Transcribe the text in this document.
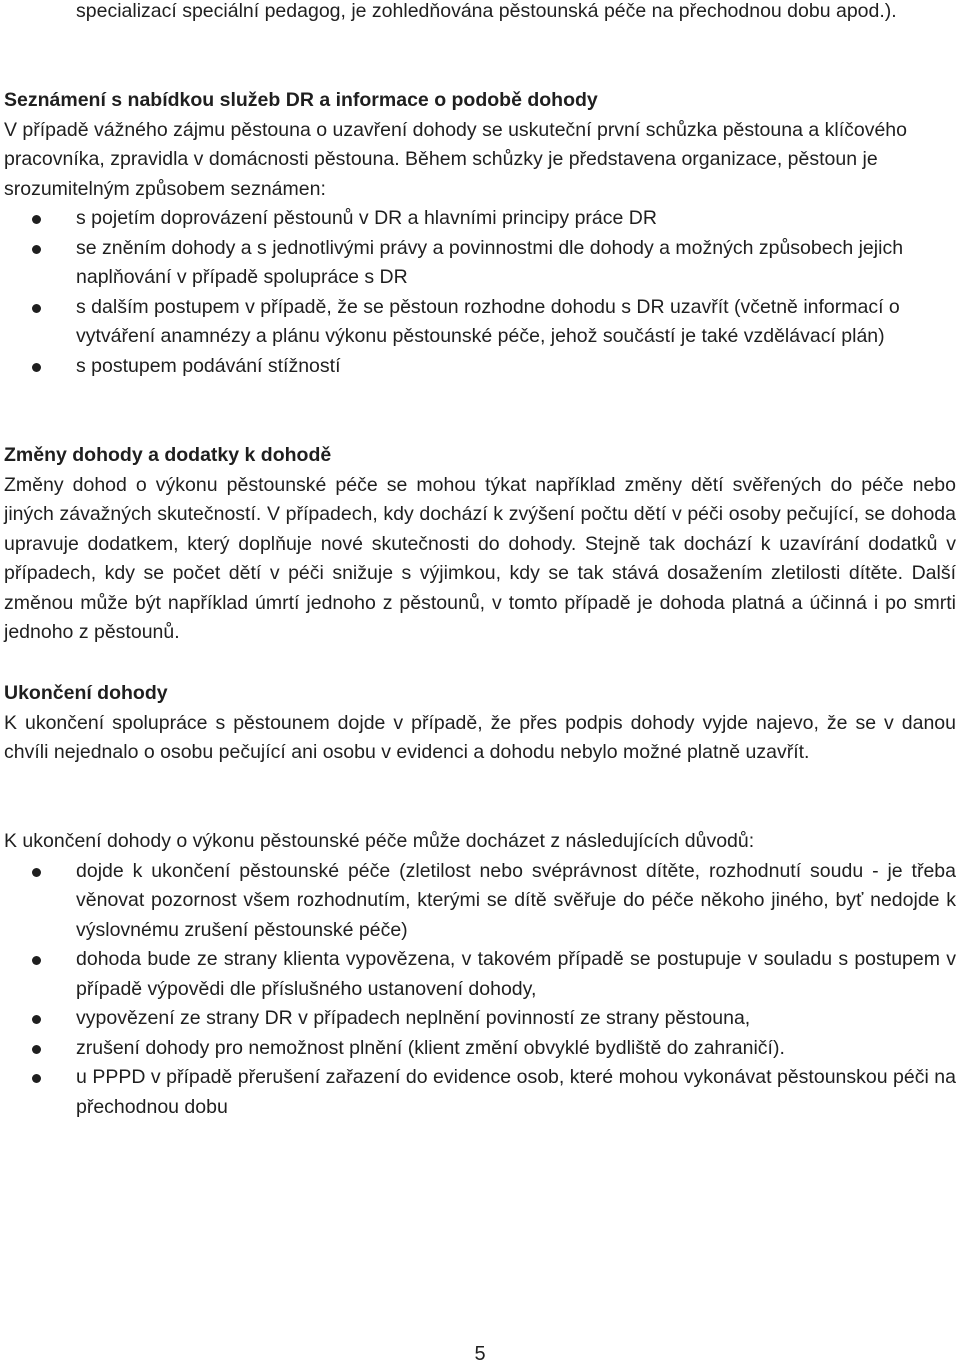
specializací speciální pedagog, je zohledňována pěstounská péče na přechodnou dobu apod.).

Seznámení s nabídkou služeb DR a informace o podobě dohody

V případě vážného zájmu pěstouna o uzavření dohody se uskuteční první schůzka pěstouna a klíčového pracovníka, zpravidla v domácnosti pěstouna. Během schůzky je představena organizace, pěstoun je srozumitelným způsobem seznámen:

s pojetím doprovázení pěstounů v DR a hlavními principy práce DR
se zněním dohody a s jednotlivými právy a povinnostmi dle dohody a možných způsobech jejich naplňování v případě spolupráce s DR
s dalším postupem v případě, že se pěstoun rozhodne dohodu s DR uzavřít (včetně informací o vytváření anamnézy a plánu výkonu pěstounské péče, jehož součástí je také vzdělávací plán)
s postupem podávání stížností

Změny dohody a dodatky k dohodě

Změny dohod o výkonu pěstounské péče se mohou týkat například změny dětí svěřených do péče nebo jiných závažných skutečností. V případech, kdy dochází k zvýšení počtu dětí v péči osoby pečující, se dohoda upravuje dodatkem, který doplňuje nové skutečnosti do dohody. Stejně tak dochází k uzavírání dodatků v případech, kdy se počet dětí v péči snižuje s výjimkou, kdy se tak stává dosažením zletilosti dítěte. Další změnou může být například úmrtí jednoho z pěstounů, v tomto případě je dohoda platná a účinná i po smrti jednoho z pěstounů.

Ukončení dohody

K ukončení spolupráce s pěstounem dojde v případě, že přes podpis dohody vyjde najevo, že se v danou chvíli nejednalo o osobu pečující ani osobu v evidenci a dohodu nebylo možné platně uzavřít.

K ukončení dohody o výkonu pěstounské péče může docházet z následujících důvodů:

dojde k ukončení pěstounské péče (zletilost nebo svéprávnost dítěte, rozhodnutí soudu - je třeba věnovat pozornost všem rozhodnutím, kterými se dítě svěřuje do péče někoho jiného, byť nedojde k výslovnému zrušení pěstounské péče)
dohoda bude ze strany klienta vypovězena, v takovém případě se postupuje v souladu s postupem v případě výpovědi dle příslušného ustanovení dohody,
vypovězení ze strany DR v případech neplnění povinností ze strany pěstouna,
zrušení dohody pro nemožnost plnění (klient změní obvyklé bydliště do zahraničí).
u PPPD v případě přerušení zařazení do evidence osob, které mohou vykonávat pěstounskou péči na přechodnou dobu
5
